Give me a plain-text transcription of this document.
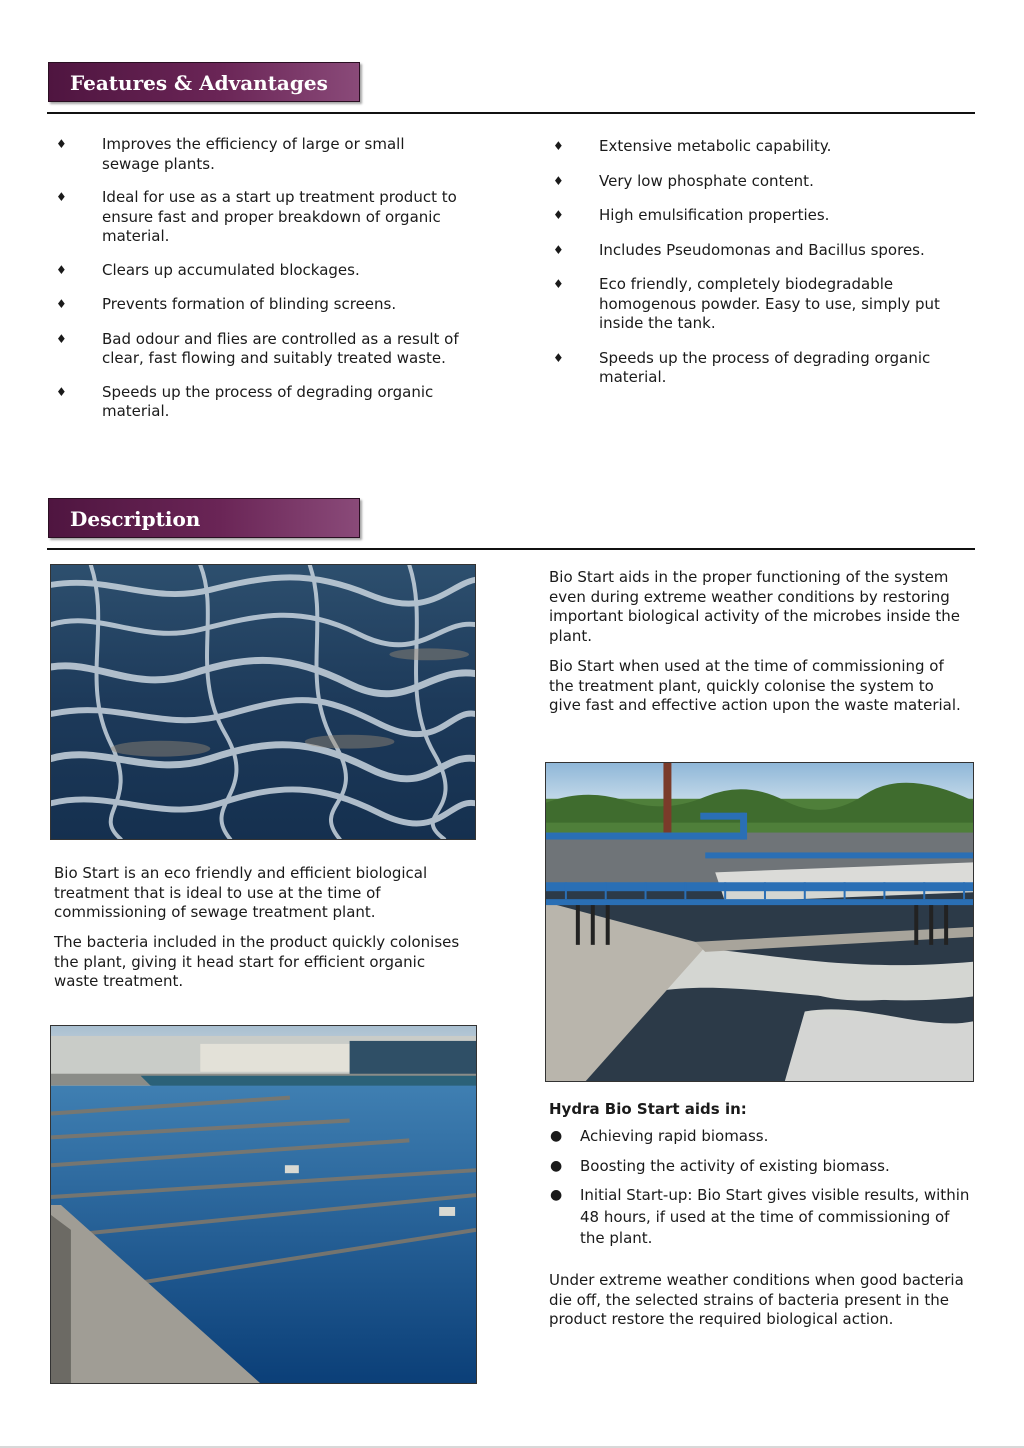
Features & Advantages
♦ Improves the efficiency of large or small sewage plants.
♦ Ideal for use as a start up treatment product to ensure fast and proper breakdown of organic material.
♦ Clears up accumulated blockages.
♦ Prevents formation of blinding screens.
♦ Bad odour and flies are controlled as a result of clear, fast flowing and suitably treated waste.
♦ Speeds up the process of degrading organic material.
♦ Extensive metabolic capability.
♦ Very low phosphate content.
♦ High emulsification properties.
♦ Includes Pseudomonas and Bacillus spores.
♦ Eco friendly, completely biodegradable homogenous powder. Easy to use, simply put inside the tank.
♦ Speeds up the process of degrading organic material.
Description

Bio Start aids in the proper functioning of the system even during extreme weather conditions by restoring important biological activity of the microbes inside the plant.

Bio Start when used at the time of commissioning of the treatment plant, quickly colonise the system to give fast and effective action upon the waste material.

Bio Start is an eco friendly and efficient biological treatment that is ideal to use at the time of commissioning of sewage treatment plant.

The bacteria included in the product quickly colonises the plant, giving it head start for efficient organic waste treatment.

Hydra Bio Start aids in:
● Achieving rapid biomass.
● Boosting the activity of existing biomass.
● Initial Start-up: Bio Start gives visible results, within 48 hours, if used at the time of commissioning of the plant.

Under extreme weather conditions when good bacteria die off, the selected strains of bacteria present in the product restore the required biological action.
